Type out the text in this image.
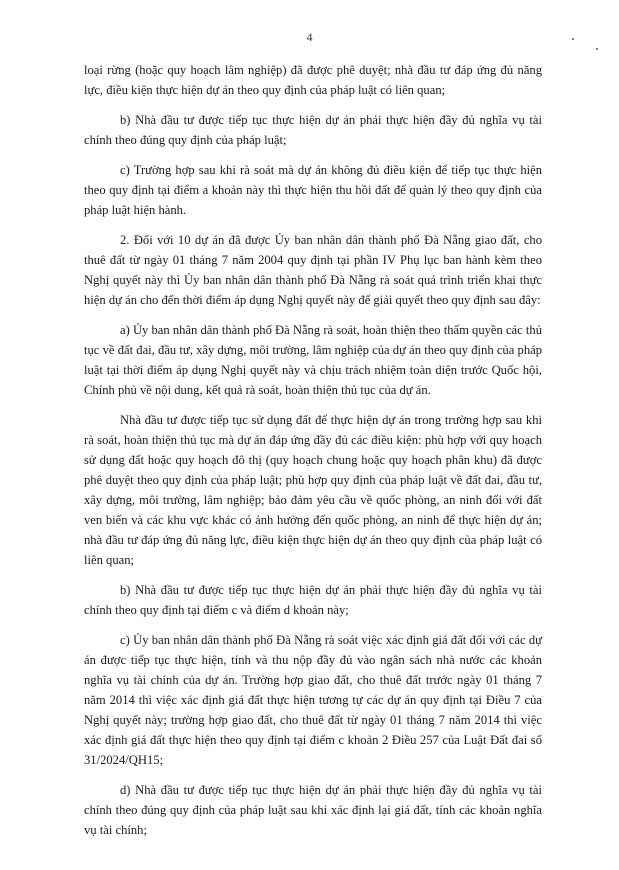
4

loại rừng (hoặc quy hoạch lâm nghiệp) đã được phê duyệt; nhà đầu tư đáp ứng đủ năng lực, điều kiện thực hiện dự án theo quy định của pháp luật có liên quan;

b) Nhà đầu tư được tiếp tục thực hiện dự án phải thực hiện đầy đủ nghĩa vụ tài chính theo đúng quy định của pháp luật;

c) Trường hợp sau khi rà soát mà dự án không đủ điều kiện để tiếp tục thực hiện theo quy định tại điểm a khoản này thì thực hiện thu hồi đất để quản lý theo quy định của pháp luật hiện hành.

2. Đối với 10 dự án đã được Ủy ban nhân dân thành phố Đà Nẵng giao đất, cho thuê đất từ ngày 01 tháng 7 năm 2004 quy định tại phần IV Phụ lục ban hành kèm theo Nghị quyết này thì Ủy ban nhân dân thành phố Đà Nẵng rà soát quá trình triển khai thực hiện dự án cho đến thời điểm áp dụng Nghị quyết này để giải quyết theo quy định sau đây:

a) Ủy ban nhân dân thành phố Đà Nẵng rà soát, hoàn thiện theo thẩm quyền các thủ tục về đất đai, đầu tư, xây dựng, môi trường, lâm nghiệp của dự án theo quy định của pháp luật tại thời điểm áp dụng Nghị quyết này và chịu trách nhiệm toàn diện trước Quốc hội, Chính phủ về nội dung, kết quả rà soát, hoàn thiện thủ tục của dự án.

Nhà đầu tư được tiếp tục sử dụng đất để thực hiện dự án trong trường hợp sau khi rà soát, hoàn thiện thủ tục mà dự án đáp ứng đầy đủ các điều kiện: phù hợp với quy hoạch sử dụng đất hoặc quy hoạch đô thị (quy hoạch chung hoặc quy hoạch phân khu) đã được phê duyệt theo quy định của pháp luật; phù hợp quy định của pháp luật về đất đai, đầu tư, xây dựng, môi trường, lâm nghiệp; bảo đảm yêu cầu về quốc phòng, an ninh đối với đất ven biển và các khu vực khác có ảnh hưởng đến quốc phòng, an ninh để thực hiện dự án; nhà đầu tư đáp ứng đủ năng lực, điều kiện thực hiện dự án theo quy định của pháp luật có liên quan;

b) Nhà đầu tư được tiếp tục thực hiện dự án phải thực hiện đầy đủ nghĩa vụ tài chính theo quy định tại điểm c và điểm d khoản này;

c) Ủy ban nhân dân thành phố Đà Nẵng rà soát việc xác định giá đất đối với các dự án được tiếp tục thực hiện, tính và thu nộp đầy đủ vào ngân sách nhà nước các khoản nghĩa vụ tài chính của dự án. Trường hợp giao đất, cho thuê đất trước ngày 01 tháng 7 năm 2014 thì việc xác định giá đất thực hiện tương tự các dự án quy định tại Điều 7 của Nghị quyết này; trường hợp giao đất, cho thuê đất từ ngày 01 tháng 7 năm 2014 thì việc xác định giá đất thực hiện theo quy định tại điểm c khoản 2 Điều 257 của Luật Đất đai số 31/2024/QH15;

d) Nhà đầu tư được tiếp tục thực hiện dự án phải thực hiện đầy đủ nghĩa vụ tài chính theo đúng quy định của pháp luật sau khi xác định lại giá đất, tính các khoản nghĩa vụ tài chính;
